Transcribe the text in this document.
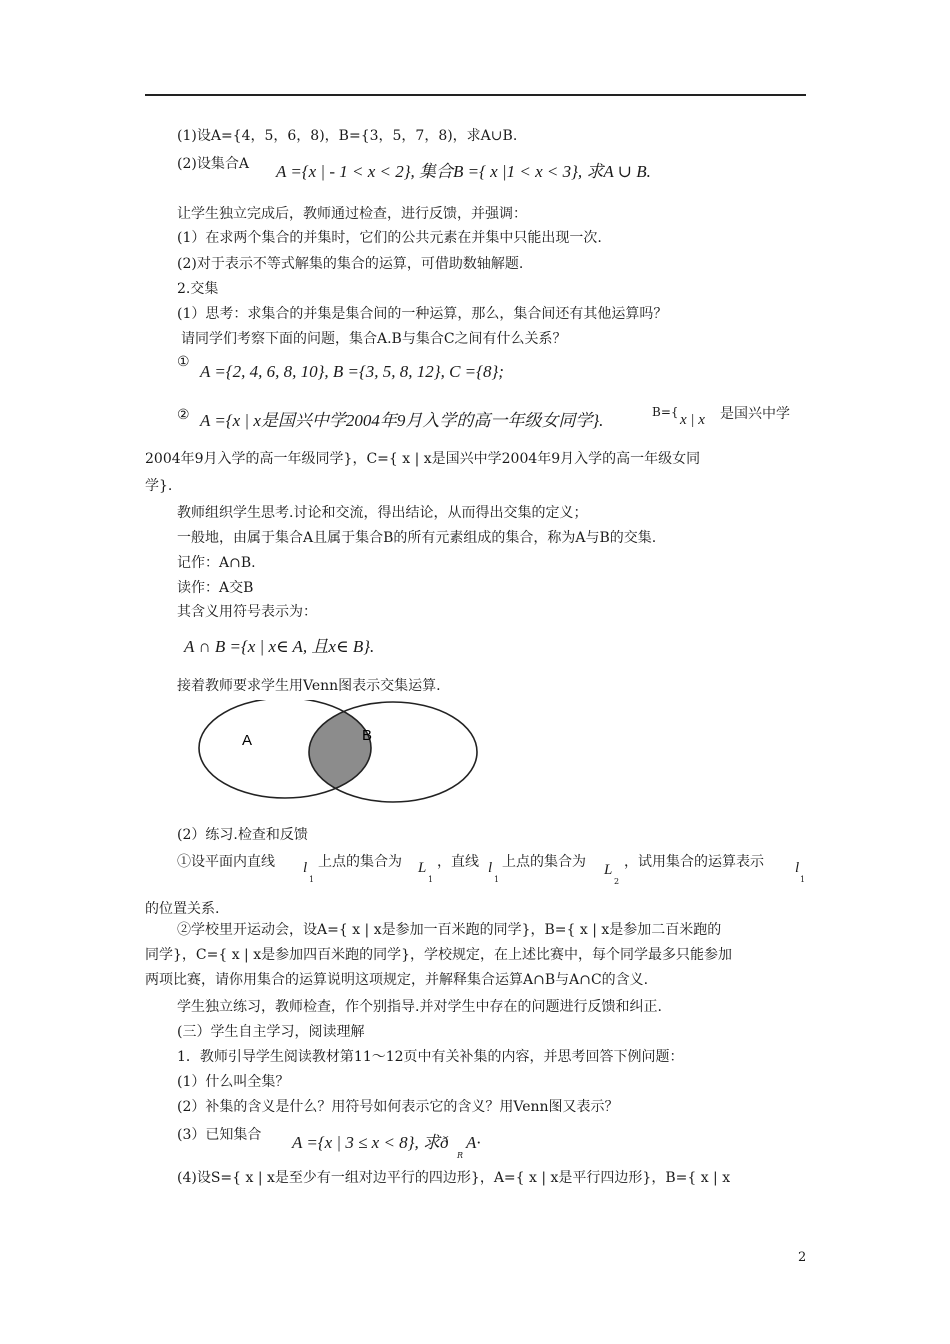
(1)设A={4，5，6，8)，B={3，5，7，8)，求A∪B.
(2)设集合A A ={x | - 1 < x < 2}, 集合B ={ x |1 < x < 3}, 求A ∪ B.
让学生独立完成后，教师通过检查，进行反馈，并强调：
(1）在求两个集合的并集时，它们的公共元素在并集中只能出现一次.
(2)对于表示不等式解集的集合的运算，可借助数轴解题.
2.交集
(1）思考：求集合的并集是集合间的一种运算，那么，集合间还有其他运算吗？
请同学们考察下面的问题，集合A.B与集合C之间有什么关系？
① A ={2, 4, 6, 8, 10}, B ={3, 5, 8, 12}, C ={8};
② A ={x | x是国兴中学2004年9月入学的高一年级女同学}.	B={ x | x 是国兴中学
2004年9月入学的高一年级同学}，C={ x | x是国兴中学2004年9月入学的高一年级女同
学}.
教师组织学生思考.讨论和交流，得出结论，从而得出交集的定义；
一般地，由属于集合A且属于集合B的所有元素组成的集合，称为A与B的交集.
记作：A∩B.
读作：A交B
其含义用符号表示为：
A ∩ B ={x | x∈ A, 且x∈ B}.
接着教师要求学生用Venn图表示交集运算.
A	B
(2）练习.检查和反馈
①设平面内直线 l
1
上点的集合为 L
1
，直线 l
1
上点的集合为 L
2
，试用集合的运算表示 l
1
的位置关系.
②学校里开运动会，设A={ x | x是参加一百米跑的同学}，B={ x | x是参加二百米跑的
同学}，C={ x | x是参加四百米跑的同学}，学校规定，在上述比赛中，每个同学最多只能参加
两项比赛，请你用集合的运算说明这项规定，并解释集合运算A∩B与A∩C的含义.
学生独立练习，教师检查，作个别指导.并对学生中存在的问题进行反馈和纠正.
(三）学生自主学习，阅读理解
1．教师引导学生阅读教材第11～12页中有关补集的内容，并思考回答下例问题：
(1）什么叫全集？
(2）补集的含义是什么？用符号如何表示它的含义？用Venn图又表示？
(3）已知集合 A ={x | 3 ≤ x < 8}, 求ð
R
A·
(4)设S={ x | x是至少有一组对边平行的四边形}，A={ x | x是平行四边形}，B={ x | x
2
